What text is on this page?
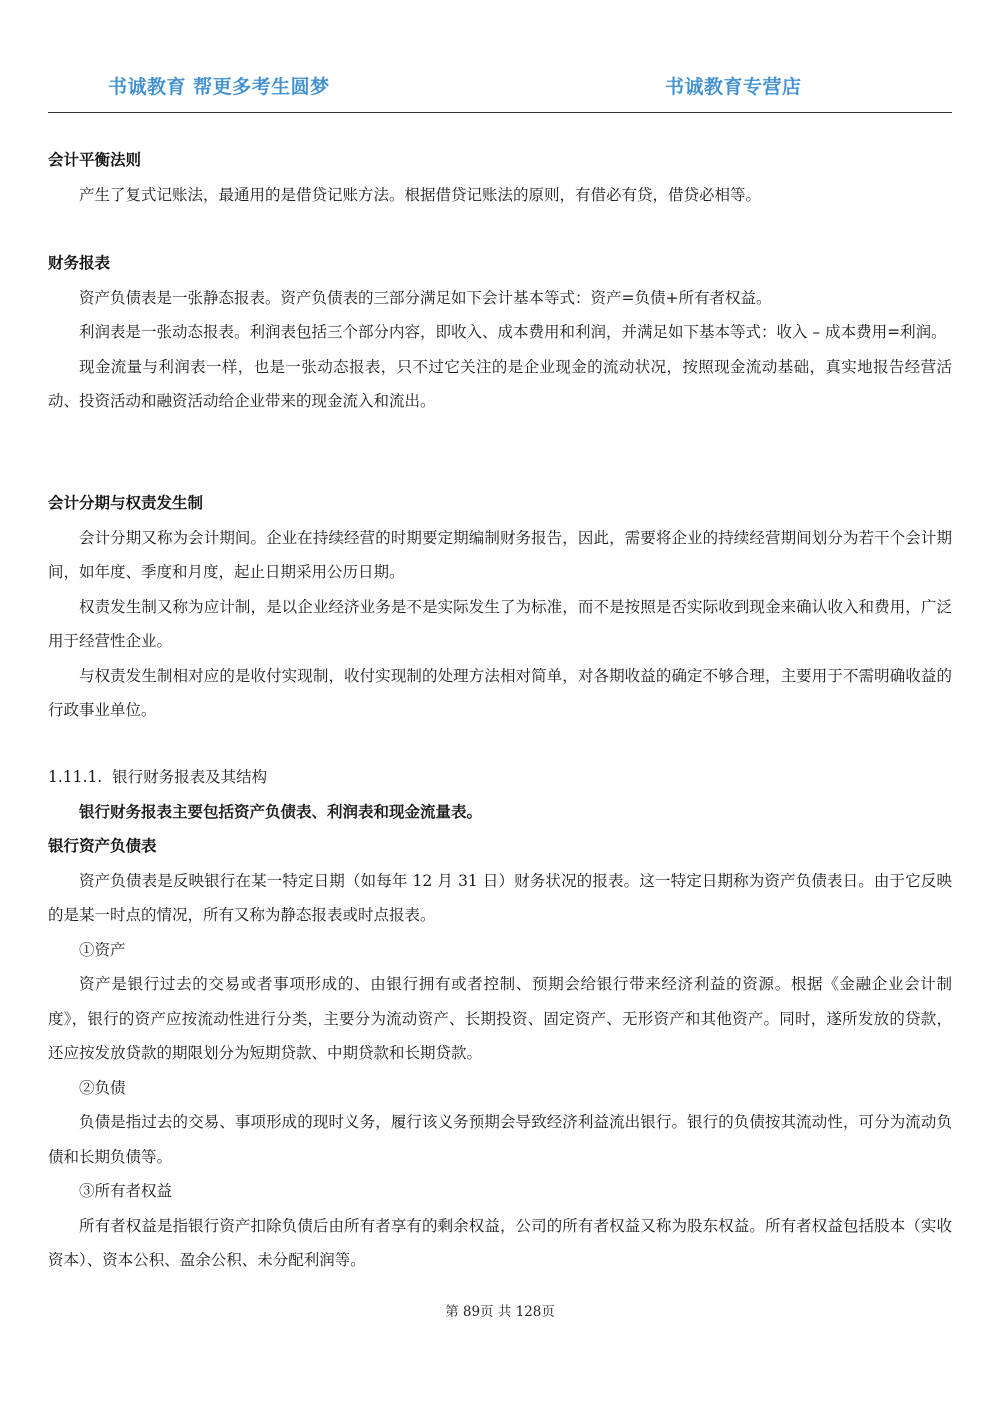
书诚教育 帮更多考生圆梦	书诚教育专营店
会计平衡法则

产生了复式记账法，最通用的是借贷记账方法。根据借贷记账法的原则，有借必有贷，借贷必相等。

财务报表

资产负债表是一张静态报表。资产负债表的三部分满足如下会计基本等式：资产=负债+所有者权益。

利润表是一张动态报表。利润表包括三个部分内容，即收入、成本费用和利润，并满足如下基本等式：收入 – 成本费用=利润。

现金流量与利润表一样，也是一张动态报表，只不过它关注的是企业现金的流动状况，按照现金流动基础，真实地报告经营活动、投资活动和融资活动给企业带来的现金流入和流出。

会计分期与权责发生制

会计分期又称为会计期间。企业在持续经营的时期要定期编制财务报告，因此，需要将企业的持续经营期间划分为若干个会计期间，如年度、季度和月度，起止日期采用公历日期。

权责发生制又称为应计制，是以企业经济业务是不是实际发生了为标准，而不是按照是否实际收到现金来确认收入和费用，广泛用于经营性企业。

与权责发生制相对应的是收付实现制，收付实现制的处理方法相对简单，对各期收益的确定不够合理，主要用于不需明确收益的行政事业单位。

1.11.1. 银行财务报表及其结构

银行财务报表主要包括资产负债表、利润表和现金流量表。

银行资产负债表

资产负债表是反映银行在某一特定日期（如每年 12 月 31 日）财务状况的报表。这一特定日期称为资产负债表日。由于它反映的是某一时点的情况，所有又称为静态报表或时点报表。

①资产

资产是银行过去的交易或者事项形成的、由银行拥有或者控制、预期会给银行带来经济利益的资源。根据《金融企业会计制度》，银行的资产应按流动性进行分类，主要分为流动资产、长期投资、固定资产、无形资产和其他资产。同时，遂所发放的贷款，还应按发放贷款的期限划分为短期贷款、中期贷款和长期贷款。

②负债

负债是指过去的交易、事项形成的现时义务，履行该义务预期会导致经济利益流出银行。银行的负债按其流动性，可分为流动负债和长期负债等。

③所有者权益

所有者权益是指银行资产扣除负债后由所有者享有的剩余权益，公司的所有者权益又称为股东权益。所有者权益包括股本（实收资本）、资本公积、盈余公积、未分配利润等。

第 89页 共 128页
